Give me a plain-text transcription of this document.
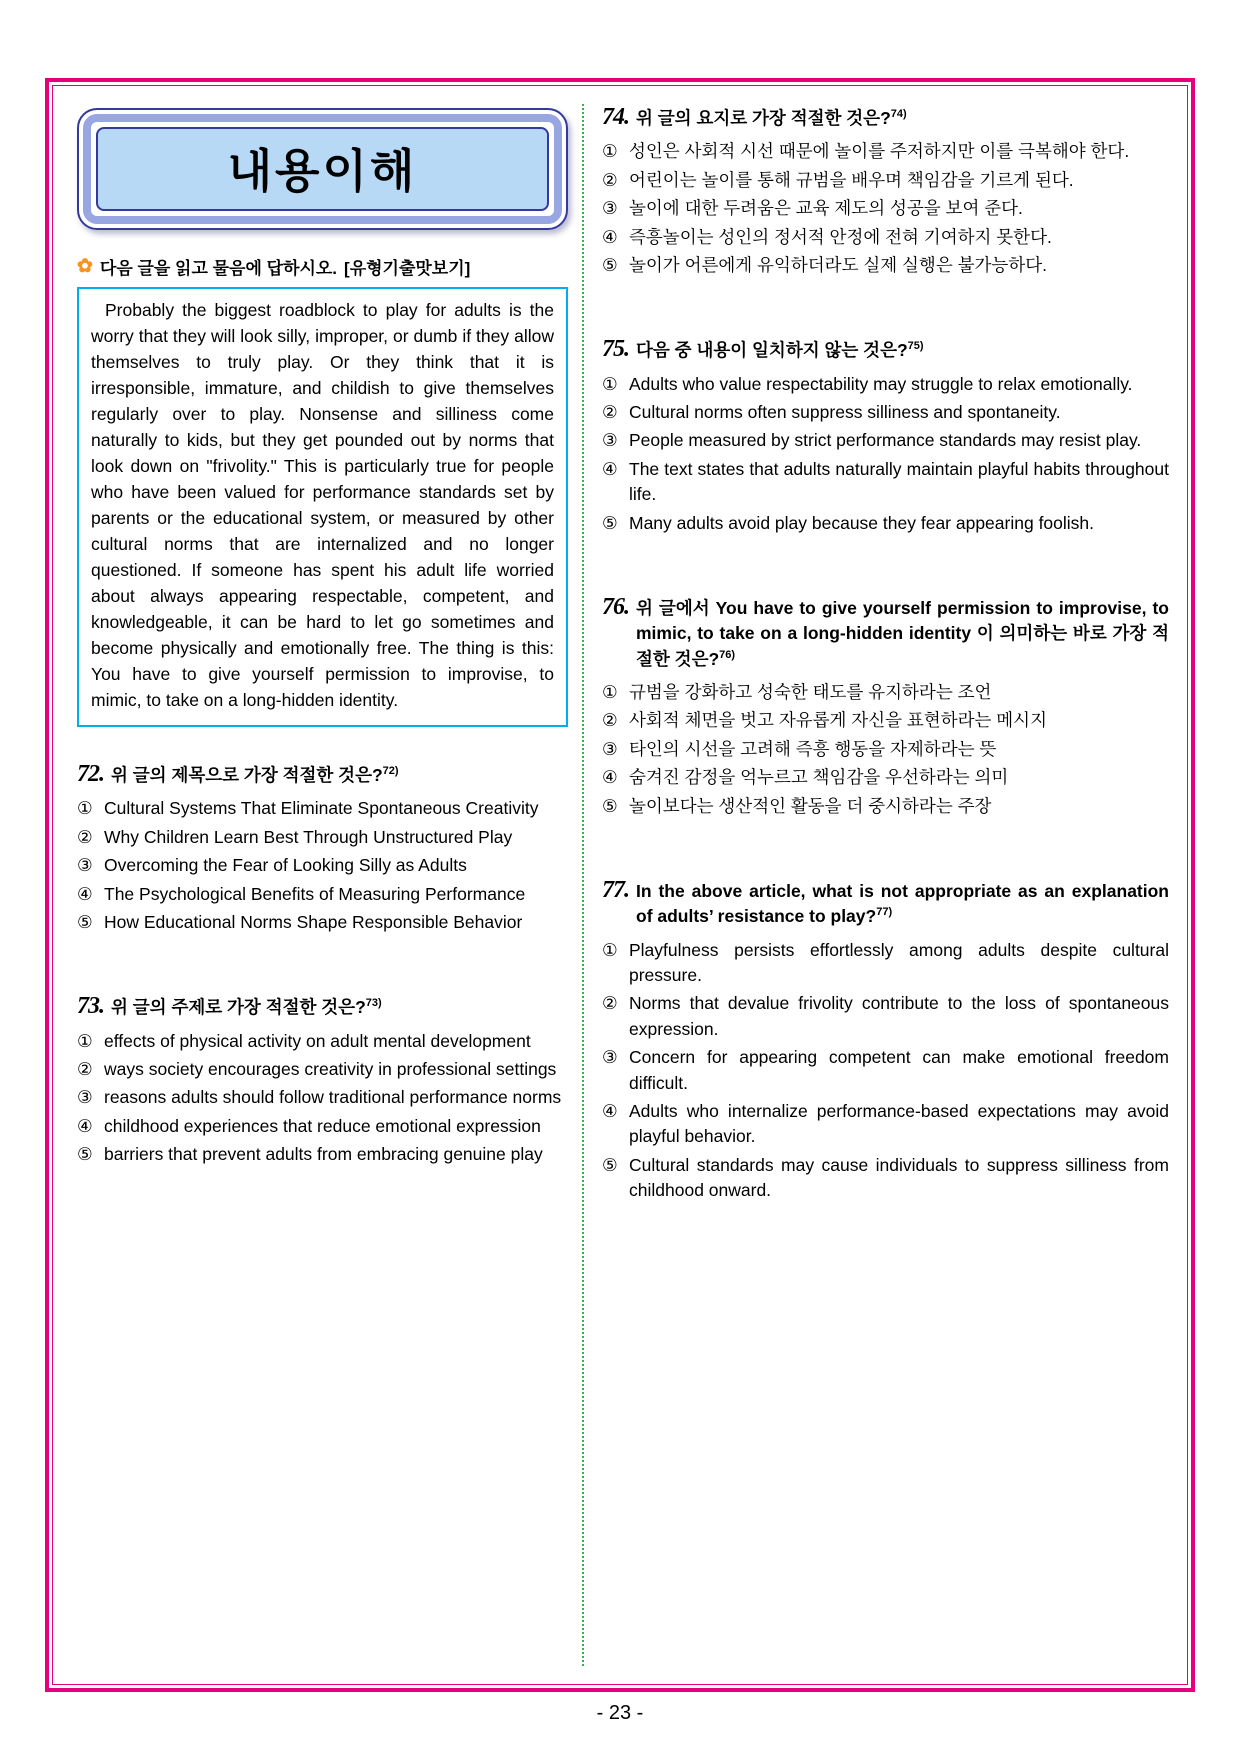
내용이해
✿ 다음 글을 읽고 물음에 답하시오. [유형기출맛보기]

Probably the biggest roadblock to play for adults is the worry that they will look silly, improper, or dumb if they allow themselves to truly play. Or they think that it is irresponsible, immature, and childish to give themselves regularly over to play. Nonsense and silliness come naturally to kids, but they get pounded out by norms that look down on "frivolity." This is particularly true for people who have been valued for performance standards set by parents or the educational system, or measured by other cultural norms that are internalized and no longer questioned. If someone has spent his adult life worried about always appearing respectable, competent, and knowledgeable, it can be hard to let go sometimes and become physically and emotionally free. The thing is this: You have to give yourself permission to improvise, to mimic, to take on a long-hidden identity.

72. 위 글의 제목으로 가장 적절한 것은?$^{72)}$
① Cultural Systems That Eliminate Spontaneous Creativity
② Why Children Learn Best Through Unstructured Play
③ Overcoming the Fear of Looking Silly as Adults
④ The Psychological Benefits of Measuring Performance
⑤ How Educational Norms Shape Responsible Behavior
73. 위 글의 주제로 가장 적절한 것은?$^{73)}$
① effects of physical activity on adult mental development
② ways society encourages creativity in professional settings
③ reasons adults should follow traditional performance norms
④ childhood experiences that reduce emotional expression
⑤ barriers that prevent adults from embracing genuine play
74. 위 글의 요지로 가장 적절한 것은?$^{74)}$
① 성인은 사회적 시선 때문에 놀이를 주저하지만 이를 극복해야 한다.
② 어린이는 놀이를 통해 규범을 배우며 책임감을 기르게 된다.
③ 놀이에 대한 두려움은 교육 제도의 성공을 보여 준다.
④ 즉흥놀이는 성인의 정서적 안정에 전혀 기여하지 못한다.
⑤ 놀이가 어른에게 유익하더라도 실제 실행은 불가능하다.
75. 다음 중 내용이 일치하지 않는 것은?$^{75)}$
① Adults who value respectability may struggle to relax emotionally.
② Cultural norms often suppress silliness and spontaneity.
③ People measured by strict performance standards may resist play.
④ The text states that adults naturally maintain playful habits throughout life.
⑤ Many adults avoid play because they fear appearing foolish.
76. 위 글에서 You have to give yourself permission to improvise, to mimic, to take on a long-hidden identity 이 의미하는 바로 가장 적절한 것은?$^{76)}$
① 규범을 강화하고 성숙한 태도를 유지하라는 조언
② 사회적 체면을 벗고 자유롭게 자신을 표현하라는 메시지
③ 타인의 시선을 고려해 즉흥 행동을 자제하라는 뜻
④ 숨겨진 감정을 억누르고 책임감을 우선하라는 의미
⑤ 놀이보다는 생산적인 활동을 더 중시하라는 주장
77. In the above article, what is not appropriate as an explanation of adults’ resistance to play?$^{77)}$
① Playfulness persists effortlessly among adults despite cultural pressure.
② Norms that devalue frivolity contribute to the loss of spontaneous expression.
③ Concern for appearing competent can make emotional freedom difficult.
④ Adults who internalize performance-based expectations may avoid playful behavior.
⑤ Cultural standards may cause individuals to suppress silliness from childhood onward.
- 23 -
